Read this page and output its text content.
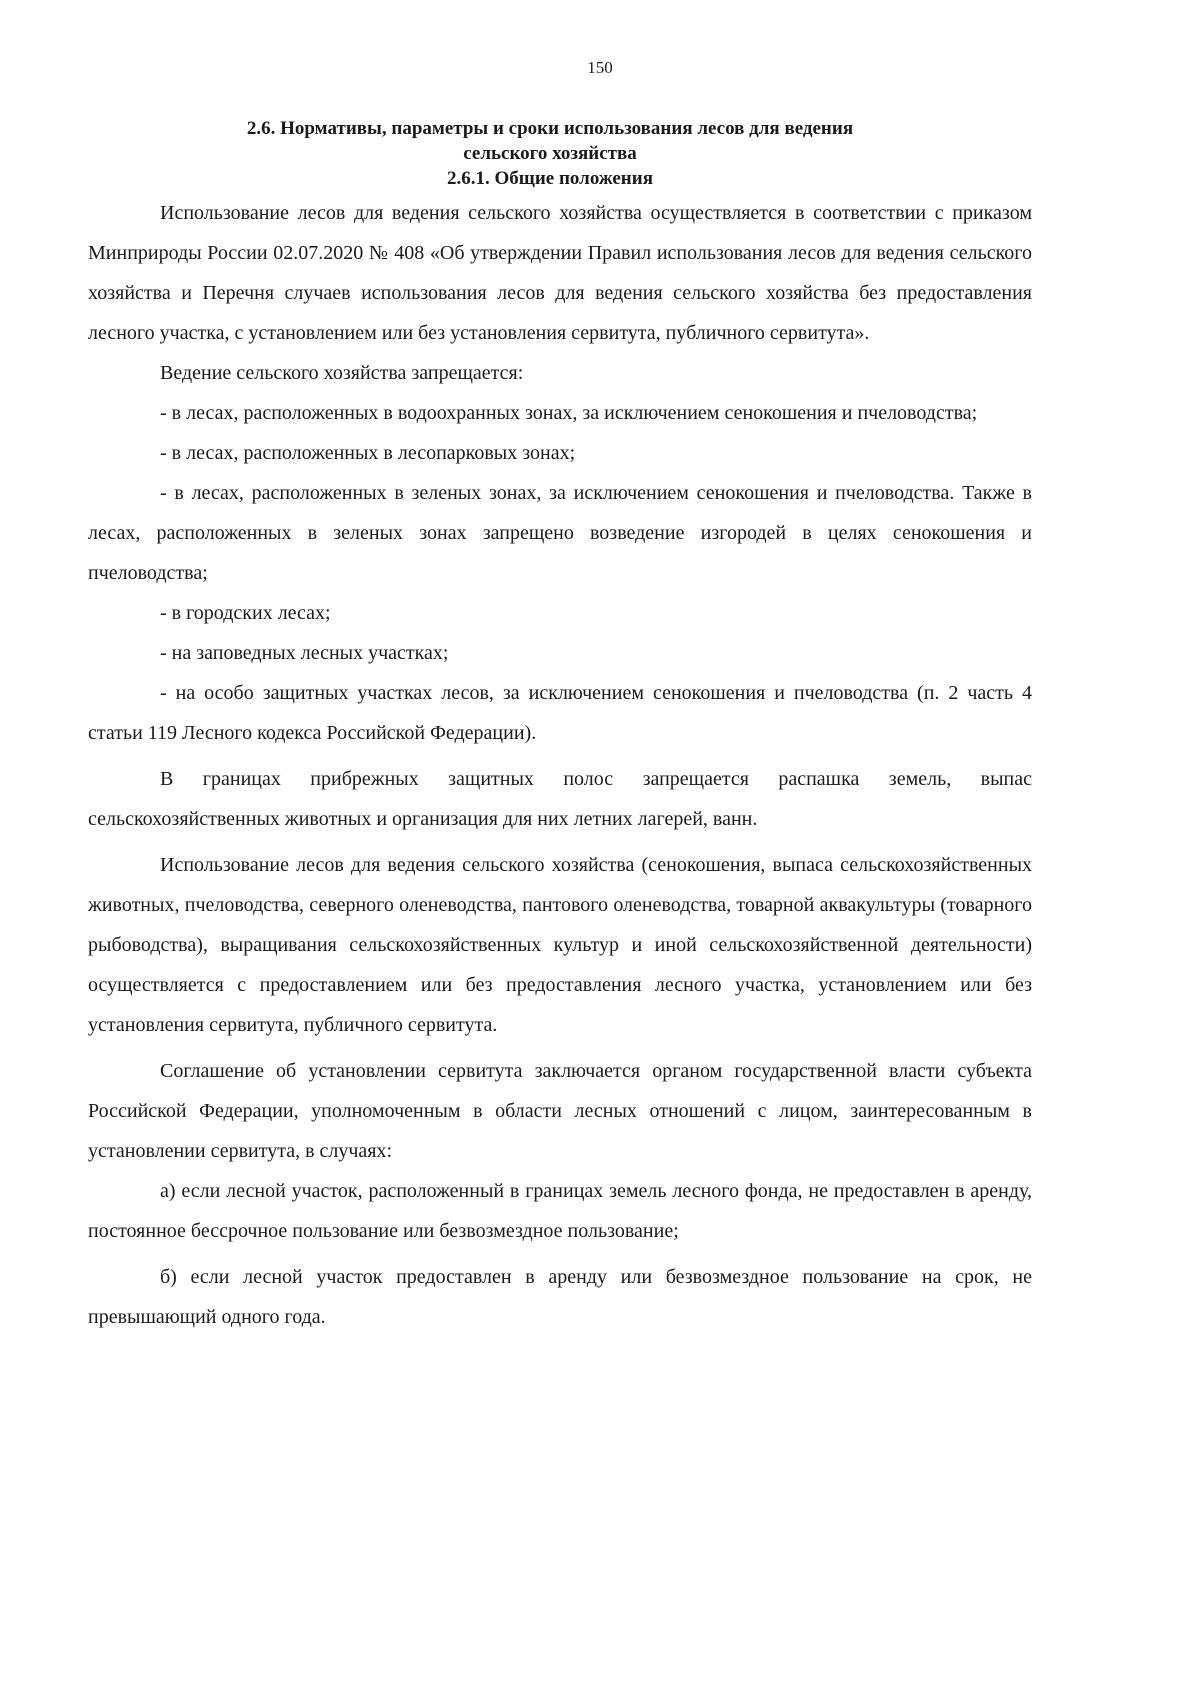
150
2.6. Нормативы, параметры и сроки использования лесов для ведения
сельского хозяйства
2.6.1. Общие положения

Использование лесов для ведения сельского хозяйства осуществляется в соответствии с приказом Минприроды России 02.07.2020 № 408 «Об утверждении Правил использования лесов для ведения сельского хозяйства и Перечня случаев использования лесов для ведения сельского хозяйства без предоставления лесного участка, с установлением или без установления сервитута, публичного сервитута».

Ведение сельского хозяйства запрещается:

- в лесах, расположенных в водоохранных зонах, за исключением сенокошения и пчеловодства;

- в лесах, расположенных в лесопарковых зонах;

- в лесах, расположенных в зеленых зонах, за исключением сенокошения и пчеловодства. Также в лесах, расположенных в зеленых зонах запрещено возведение изгородей в целях сенокошения и пчеловодства;

- в городских лесах;

- на заповедных лесных участках;

- на особо защитных участках лесов, за исключением сенокошения и пчеловодства (п. 2 часть 4 статьи 119 Лесного кодекса Российской Федерации).

В границах прибрежных защитных полос запрещается распашка земель, выпас сельскохозяйственных животных и организация для них летних лагерей, ванн.

Использование лесов для ведения сельского хозяйства (сенокошения, выпаса сельскохозяйственных животных, пчеловодства, северного оленеводства, пантового оленеводства, товарной аквакультуры (товарного рыбоводства), выращивания сельскохозяйственных культур и иной сельскохозяйственной деятельности) осуществляется с предоставлением или без предоставления лесного участка, установлением или без установления сервитута, публичного сервитута.

Соглашение об установлении сервитута заключается органом государственной власти субъекта Российской Федерации, уполномоченным в области лесных отношений с лицом, заинтересованным в установлении сервитута, в случаях:

а) если лесной участок, расположенный в границах земель лесного фонда, не предоставлен в аренду, постоянное бессрочное пользование или безвозмездное пользование;

б) если лесной участок предоставлен в аренду или безвозмездное пользование на срок, не превышающий одного года.
